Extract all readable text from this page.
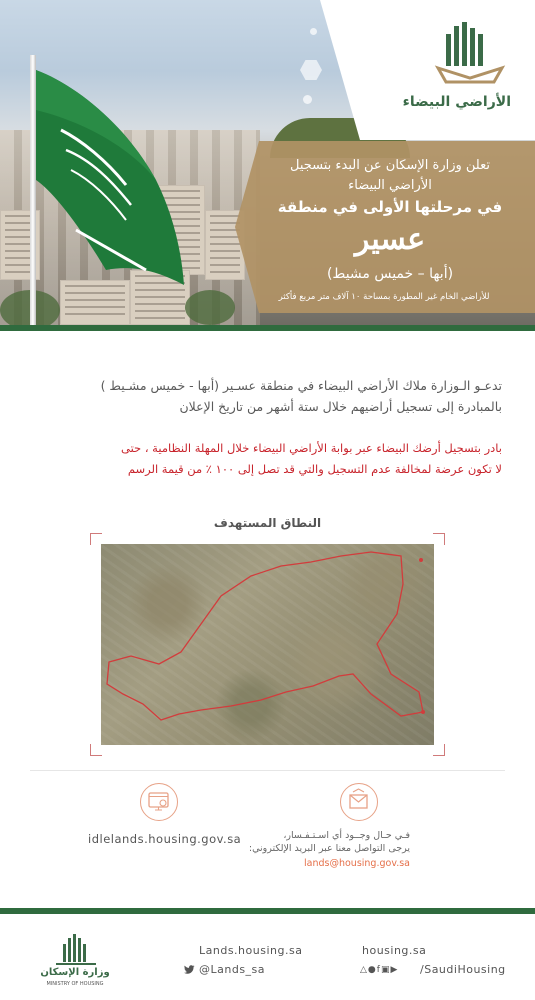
الأراضي البيضاء
تعلن وزارة الإسكان عن البدء بتسجيل
الأراضي البيضاء
في مرحلتها الأولى في منطقة
عسير
(أبها – خميس مشيط)
للأراضي الخام غير المطورة بمساحة ١٠ آلاف متر مربع فأكثر
تدعـو الـوزارة ملاك الأراضي البيضاء في منطقة عسـير (أبها - خميس مشـيط )
بالمبادرة إلى تسجيل أراضيهم خلال ستة أشهر من تاريخ الإعلان
بادر بتسجيل أرضك البيضاء عبر بوابة الأراضي البيضاء خلال المهلة النظامية ، حتى
لا تكون عرضة لمخالفة عدم التسجيل والتي قد تصل إلى ١٠٠ ٪ من قيمة الرسم
النطاق المستهدف
idlelands.housing.gov.sa	فـي حـال وجــود أي اسـتـفـسار،
يرجى التواصل معنا عبر البريد الإلكتروني:
lands@housing.gov.sa
وزارة الإسكان
MINISTRY OF HOUSING
Lands.housing.sa	housing.sa
@Lands_sa	△●f▣▶ /SaudiHousing
